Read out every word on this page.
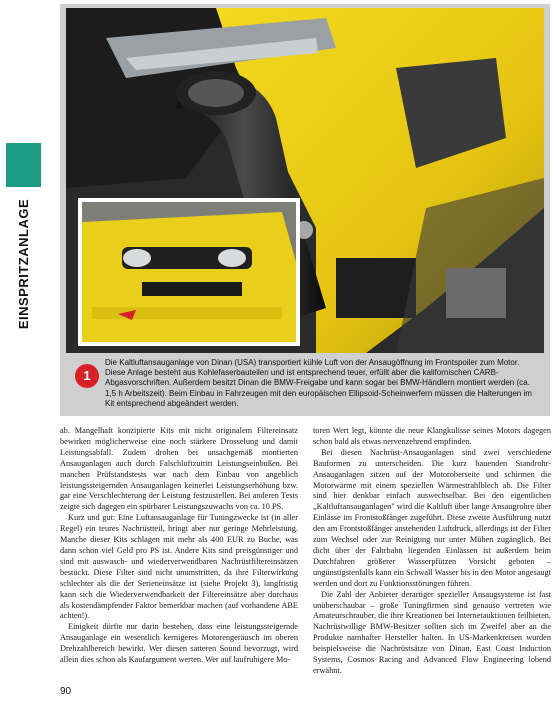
EINSPRITZANLAGE
1
Die Kaltluftansauganlage von Dinan (USA) transportiert kühle Luft von der Ansaugöffnung im Frontspoiler zum Motor. Diese Anlage besteht aus Kohlefaserbauteilen und ist entsprechend teuer, erfüllt aber die kalifornischen CARB-Abgasvorschriften. Außerdem besitzt Dinan die BMW-Freigabe und kann sogar bei BMW-Händlern montiert werden (ca. 1,5 h Arbeitszeit). Beim Einbau in Fahrzeugen mit den europäischen Ellipsoid-Scheinwerfern müssen die Halterungen im Kit entsprechend abgeändert werden.

ab. Mangelhaft konzipierte Kits mit nicht originalem Filtereinsatz bewirken möglicherweise eine noch stärkere Drosselung und damit Leistungsabfall. Zudem drohen bei unsachgemäß montierten Ansauganlagen auch durch Falschluftzutritt Leistungseinbußen. Bei manchen Prüfstandstests war nach dem Einbau von angeblich leistungssteigernden Ansauganlagen keinerlei Leistungserhöhung bzw. gar eine Verschlechterung der Leistung festzustellen. Bei anderen Tests zeigte sich dagegen ein spürbarer Leistungszuwachs von ca. 10 PS.

Kurz und gut: Eine Luftansauganlage für Tuningzwecke ist (in aller Regel) ein teures Nachrüstteil, bringt aber nur geringe Mehrleistung. Manche dieser Kits schlagen mit mehr als 400 EUR zu Buche, was dann schon viel Geld pro PS ist. Andere Kits sind preisgünstiger und sind mit auswasch- und wiederverwendbaren Nachrüstfiltereinsätzen bestückt. Diese Filter sind nicht unumstritten, da ihre Filterwirkung schlechter als die der Serieneinsätze ist (siehe Projekt 3), langfristig kann sich die Wiederverwendbarkeit der Filtereinsätze aber durchaus als kostendämpfender Faktor bemerkbar machen (auf vorhandene ABE achten!).

Einigkeit dürfte nur darin bestehen, dass eine leistungssteigernde Ansauganlage ein wesentlich kernigeres Motorengeräusch im oberen Drehzahlbereich bewirkt. Wer diesen satteren Sound bevorzugt, wird allein dies schon als Kaufargument werten. Wer auf laufruhigere Mo-

toren Wert legt, könnte die neue Klangkulisse seines Motors dagegen schon bald als etwas nervenzehrend empfinden.

Bei diesen Nachrüst-Ansauganlagen sind zwei verschiedene Bauformen zu unterscheiden. Die kurz bauenden Standrohr-Ansauganlagen sitzen auf der Motoroberseite und schirmen die Motorwärme mit einem speziellen Wärmestrahlblech ab. Die Filter sind hier denkbar einfach auswechselbar. Bei den eigentlichen „Kaltluftansauganlagen" wird die Kaltluft über lange Ansaugrohre über Einlässe im Frontstoßfänger zugeführt. Diese zweite Ausführung nutzt den am Frontstoßfänger anstehenden Luftdruck, allerdings ist der Filter zum Wechsel oder zur Reinigung nur unter Mühen zugänglich. Bei dicht über der Fahrbahn liegenden Einlässen ist außerdem beim Durchfahren größerer Wasserpfützen Vorsicht geboten – ungünstigstenfalls kann ein Schwall Wasser bis in den Motor angesaugt werden und dort zu Funktionsstörungen führen.

Die Zahl der Anbieter derartiger spezieller Ansaugsysteme ist fast unüberschaubar – große Tuningfirmen sind genauso vertreten wie Amateurschrauber, die ihre Kreationen bei Internetauktionen feilbieten. Nachrüstwillige BMW-Besitzer sollten sich im Zweifel aber an die Produkte namhafter Hersteller halten. In US-Markenkreisen wurden beispielsweise die Nachrüstsätze von Dinan, East Coast Induction Systems, Cosmos Racing and Advanced Flow Engineering lobend erwähnt.

90
